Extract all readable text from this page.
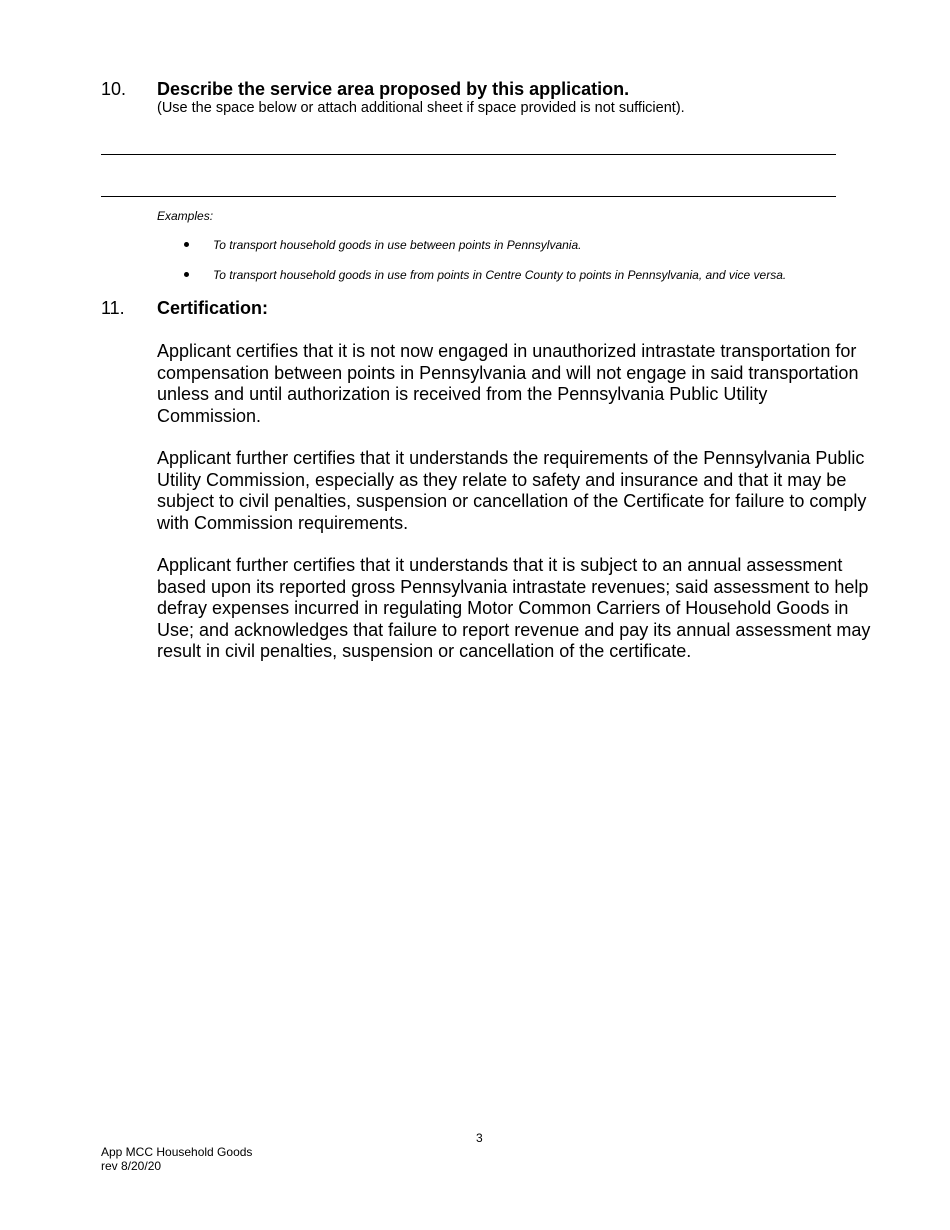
10. Describe the service area proposed by this application.
(Use the space below or attach additional sheet if space provided is not sufficient).
Examples:
To transport household goods in use between points in Pennsylvania.
To transport household goods in use from points in Centre County to points in Pennsylvania, and vice versa.
11. Certification:

Applicant certifies that it is not now engaged in unauthorized intrastate transportation for compensation between points in Pennsylvania and will not engage in said transportation unless and until authorization is received from the Pennsylvania Public Utility Commission.

Applicant further certifies that it understands the requirements of the Pennsylvania Public Utility Commission, especially as they relate to safety and insurance and that it may be subject to civil penalties, suspension or cancellation of the Certificate for failure to comply with Commission requirements.

Applicant further certifies that it understands that it is subject to an annual assessment based upon its reported gross Pennsylvania intrastate revenues; said assessment to help defray expenses incurred in regulating Motor Common Carriers of Household Goods in Use; and acknowledges that failure to report revenue and pay its annual assessment may result in civil penalties, suspension or cancellation of the certificate.

3
App MCC Household Goods
rev 8/20/20
